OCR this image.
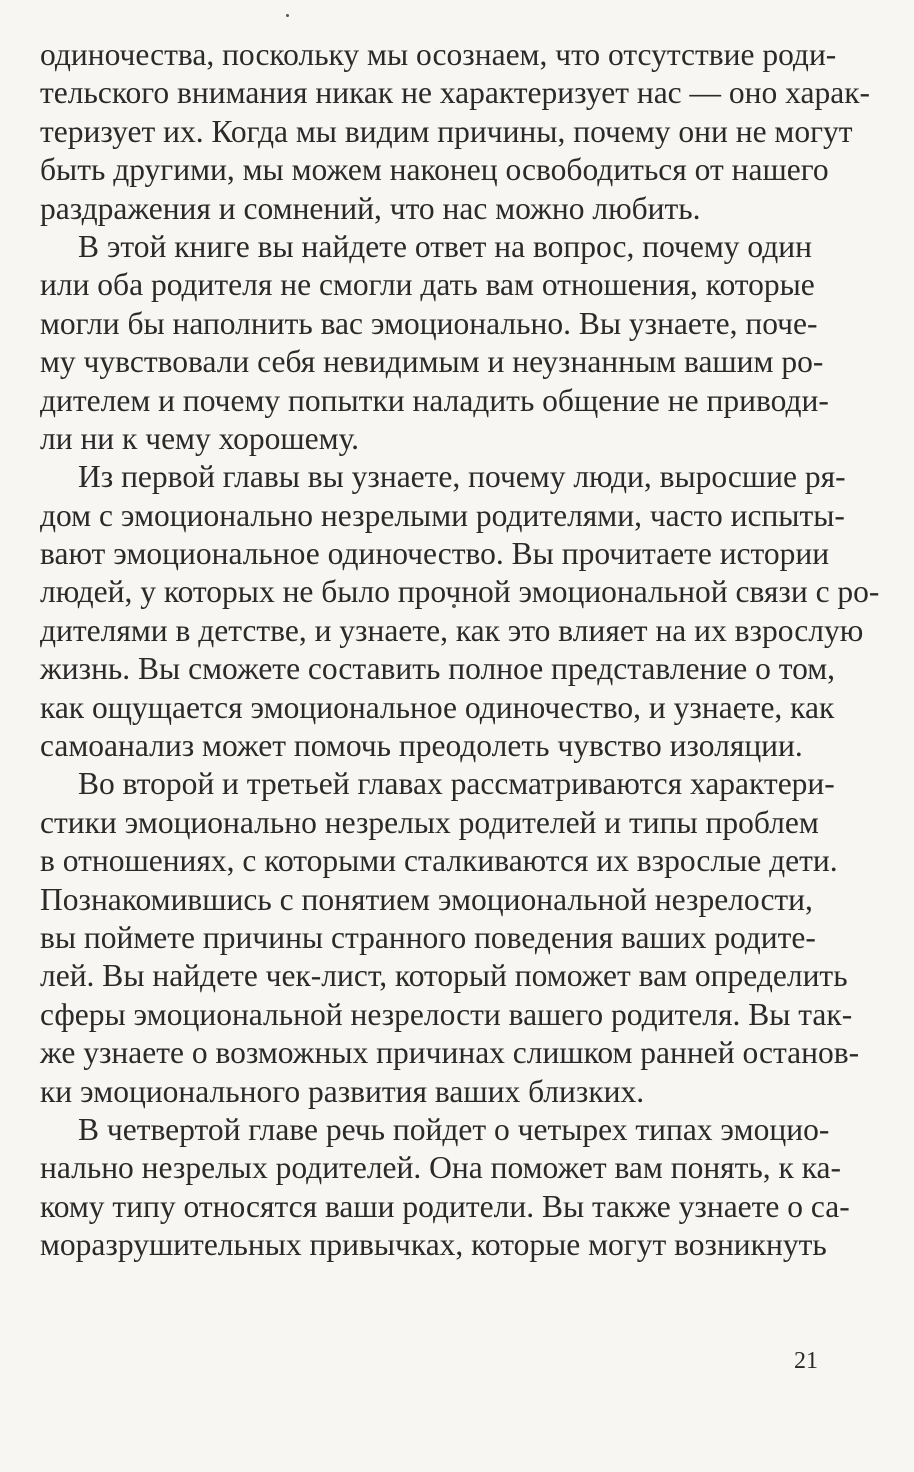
одиночества, поскольку мы осознаем, что отсутствие роди-
тельского внимания никак не характеризует нас — оно харак-
теризует их. Когда мы видим причины, почему они не могут
быть другими, мы можем наконец освободиться от нашего
раздражения и сомнений, что нас можно любить.
В этой книге вы найдете ответ на вопрос, почему один
или оба родителя не смогли дать вам отношения, которые
могли бы наполнить вас эмоционально. Вы узнаете, поче-
му чувствовали себя невидимым и неузнанным вашим ро-
дителем и почему попытки наладить общение не приводи-
ли ни к чему хорошему.
Из первой главы вы узнаете, почему люди, выросшие ря-
дом с эмоционально незрелыми родителями, часто испыты-
вают эмоциональное одиночество. Вы прочитаете истории
людей, у которых не было прочной эмоциональной связи с ро-
дителями в детстве, и узнаете, как это влияет на их взрослую
жизнь. Вы сможете составить полное представление о том,
как ощущается эмоциональное одиночество, и узнаете, как
самоанализ может помочь преодолеть чувство изоляции.
Во второй и третьей главах рассматриваются характери-
стики эмоционально незрелых родителей и типы проблем
в отношениях, с которыми сталкиваются их взрослые дети.
Познакомившись с понятием эмоциональной незрелости,
вы поймете причины странного поведения ваших родите-
лей. Вы найдете чек-лист, который поможет вам определить
сферы эмоциональной незрелости вашего родителя. Вы так-
же узнаете о возможных причинах слишком ранней останов-
ки эмоционального развития ваших близких.
В четвертой главе речь пойдет о четырех типах эмоцио-
нально незрелых родителей. Она поможет вам понять, к ка-
кому типу относятся ваши родители. Вы также узнаете о са-
моразрушительных привычках, которые могут возникнуть
21
